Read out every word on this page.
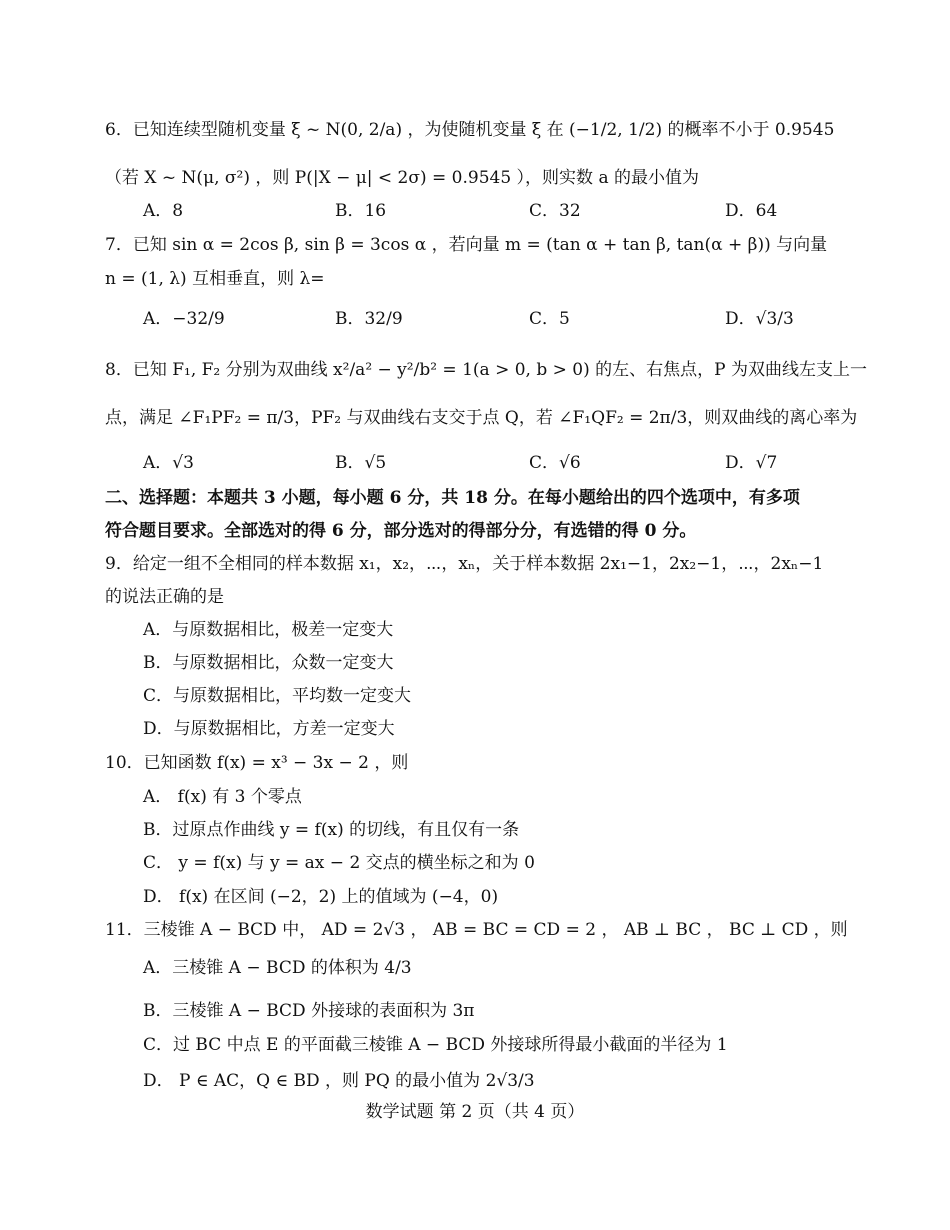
6．已知连续型随机变量 ξ ~ N(0, 2/a) ，为使随机变量 ξ 在 (−1/2, 1/2) 的概率不小于 0.9545
（若 X ~ N(μ, σ²) ，则 P(|X − μ| < 2σ) = 0.9545 ），则实数 a 的最小值为
A．8	B．16	C．32	D．64
7．已知 sin α = 2cos β, sin β = 3cos α ，若向量 m = (tan α + tan β, tan(α + β)) 与向量
n = (1, λ) 互相垂直，则 λ=
A．−32/9	B．32/9	C．5	D．√3/3
8．已知 F₁, F₂ 分别为双曲线 x²/a² − y²/b² = 1(a > 0, b > 0) 的左、右焦点，P 为双曲线左支上一
点，满足 ∠F₁PF₂ = π/3，PF₂ 与双曲线右支交于点 Q，若 ∠F₁QF₂ = 2π/3，则双曲线的离心率为
A．√3	B．√5	C．√6	D．√7
二、选择题：本题共 3 小题，每小题 6 分，共 18 分。在每小题给出的四个选项中，有多项
符合题目要求。全部选对的得 6 分，部分选对的得部分分，有选错的得 0 分。
9．给定一组不全相同的样本数据 x₁，x₂，⋯，xₙ，关于样本数据 2x₁−1，2x₂−1，⋯，2xₙ−1
的说法正确的是
A．与原数据相比，极差一定变大
B．与原数据相比，众数一定变大
C．与原数据相比，平均数一定变大
D．与原数据相比，方差一定变大
10．已知函数 f(x) = x³ − 3x − 2 ，则
A． f(x) 有 3 个零点
B．过原点作曲线 y = f(x) 的切线，有且仅有一条
C． y = f(x) 与 y = ax − 2 交点的横坐标之和为 0
D． f(x) 在区间 (−2，2) 上的值域为 (−4，0)
11．三棱锥 A − BCD 中， AD = 2√3 ， AB = BC = CD = 2 ， AB ⊥ BC ， BC ⊥ CD ，则
A．三棱锥 A − BCD 的体积为 4/3
B．三棱锥 A − BCD 外接球的表面积为 3π
C．过 BC 中点 E 的平面截三棱锥 A − BCD 外接球所得最小截面的半径为 1
D． P ∈ AC，Q ∈ BD ，则 PQ 的最小值为 2√3/3
数学试题 第 2 页（共 4 页）
